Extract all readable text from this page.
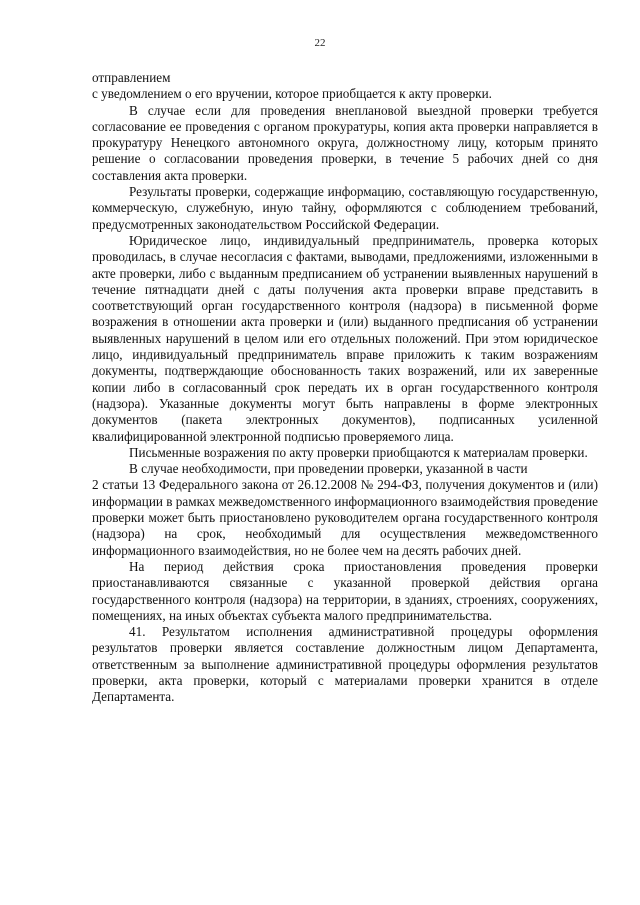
22

отправлением
с уведомлением о его вручении, которое приобщается к акту проверки.

В случае если для проведения внеплановой выездной проверки требуется согласование ее проведения с органом прокуратуры, копия акта проверки направляется в прокуратуру Ненецкого автономного округа, должностному лицу, которым принято решение о согласовании проведения проверки, в течение 5 рабочих дней со дня составления акта проверки.

Результаты проверки, содержащие информацию, составляющую государственную, коммерческую, служебную, иную тайну, оформляются с соблюдением требований, предусмотренных законодательством Российской Федерации.

Юридическое лицо, индивидуальный предприниматель, проверка которых проводилась, в случае несогласия с фактами, выводами, предложениями, изложенными в акте проверки, либо с выданным предписанием об устранении выявленных нарушений в течение пятнадцати дней с даты получения акта проверки вправе представить в соответствующий орган государственного контроля (надзора) в письменной форме возражения в отношении акта проверки и (или) выданного предписания об устранении выявленных нарушений в целом или его отдельных положений. При этом юридическое лицо, индивидуальный предприниматель вправе приложить к таким возражениям документы, подтверждающие обоснованность таких возражений, или их заверенные копии либо в согласованный срок передать их в орган государственного контроля (надзора). Указанные документы могут быть направлены в форме электронных документов (пакета электронных документов), подписанных усиленной квалифицированной электронной подписью проверяемого лица.

Письменные возражения по акту проверки приобщаются к материалам проверки.

В случае необходимости, при проведении проверки, указанной в части

2 статьи 13 Федерального закона от 26.12.2008 № 294-ФЗ, получения документов и (или) информации в рамках межведомственного информационного взаимодействия проведение проверки может быть приостановлено руководителем органа государственного контроля (надзора) на срок, необходимый для осуществления межведомственного информационного взаимодействия, но не более чем на десять рабочих дней.

На период действия срока приостановления проведения проверки приостанавливаются связанные с указанной проверкой действия органа государственного контроля (надзора) на территории, в зданиях, строениях, сооружениях, помещениях, на иных объектах субъекта малого предпринимательства.

41. Результатом исполнения административной процедуры оформления результатов проверки является составление должностным лицом Департамента, ответственным за выполнение административной процедуры оформления результатов проверки, акта проверки, который с материалами проверки хранится в отделе Департамента.
